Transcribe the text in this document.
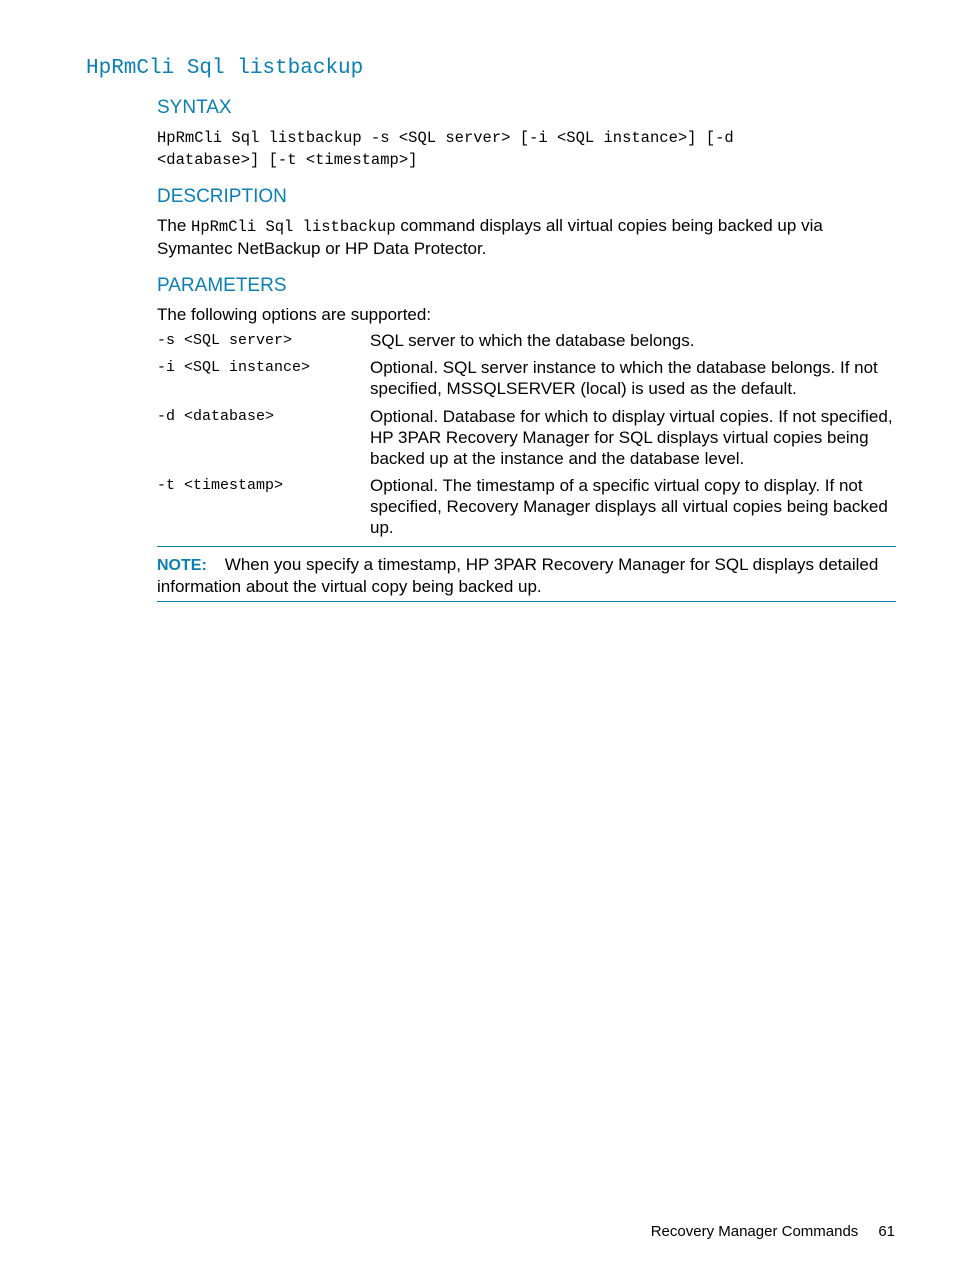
HpRmCli Sql listbackup
SYNTAX

HpRmCli Sql listbackup -s <SQL server> [-i <SQL instance>] [-d
<database>] [-t <timestamp>]

DESCRIPTION

The HpRmCli Sql listbackup command displays all virtual copies being backed up via Symantec NetBackup or HP Data Protector.

PARAMETERS

The following options are supported:

-s <SQL server>	SQL server to which the database belongs.

-i <SQL instance>	Optional. SQL server instance to which the database belongs. If not specified, MSSQLSERVER (local) is used as the default.

-d <database>	Optional. Database for which to display virtual copies. If not specified, HP 3PAR Recovery Manager for SQL displays virtual copies being backed up at the instance and the database level.

-t <timestamp>	Optional. The timestamp of a specific virtual copy to display. If not specified, Recovery Manager displays all virtual copies being backed up.

NOTE: When you specify a timestamp, HP 3PAR Recovery Manager for SQL displays detailed information about the virtual copy being backed up.

Recovery Manager Commands 61
